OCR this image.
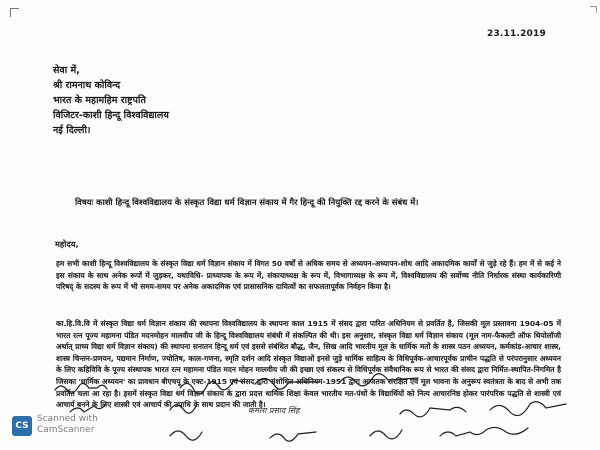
23.11.2019
सेवा में,
श्री रामनाथ कोविन्द
भारत के महामहिम राष्ट्रपति
विजिटर-काशी हिन्दू विश्वविद्यालय
नई दिल्ली।
विषयः काशी हिन्दू विश्वविद्यालय के संस्कृत विद्या धर्म विज्ञान संकाय में गैर हिन्दू की नियुक्ति रद्द करने के संबंध में।
महोदय,
हम सभी काशी हिन्दू विश्वविद्यालय के संस्कृत विद्या धर्म विज्ञान संकाय में विगत 50 वर्षों से अधिक समय से अध्ययन-अध्यापन-शोध आदि अकादमिक कार्यों से जुड़े रहे हैं। हम में से कई ने इस संकाय के साथ अनेक रूपों में जुड़कर, यथाविधि- प्राध्यापक के रूप में, संकायाध्यक्ष के रूप में, विभागाध्यक्ष के रूप में, विश्वविद्यालय की सर्वोच्च नीति निर्धारक संस्था कार्यकारिणी परिषद् के सदस्य के रूप में भी समय-समय पर अनेक अकादमिक एवं प्रासासनिक दायित्वों का सफलतापूर्वक निर्वहन किया है।
का.हि.वि.वि में संस्कृत विद्या धर्म विज्ञान संकाय की स्थापना विश्वविद्यालय के स्थापना काल 1915 में संसद द्वारा पारित अधिनियम से प्रवर्तित है, जिसकी मूल प्रस्तावना 1904-05 में भारत रत्न पूज्य महामना पंडित मदनमोहन मालवीय जी के हिन्दू विश्वविद्यालय संबंधी में संकल्पित की थी। इस अनुसार, संस्कृत विद्या धर्म विज्ञान संकाय (मूल नाम-फैकल्टी ऑफ थियोलॉजी अर्थात् प्राच्य विद्या धर्म विज्ञान संकाय) की स्थापना सनातन हिन्दू धर्म एवं इससे संबंधित बौद्ध, जैन, सिख आदि भारतीय मूल के धार्मिक मतों के शास्त्र पठन अध्ययन, कर्मकांड-आचार शास्त्र, शास्त्र चिन्तन-प्रणयन, पद्यमान निर्माण, ज्योतिष, काल-गणना, स्मृति दर्शन आदि संस्कृत विद्याओं इनसे जुड़े धार्मिक साहित्य के विधिपूर्वक-आचारपूर्वक प्राचीन पद्धति से परंपरानुसार अध्ययन के लिए कहिविवि के पूज्य संस्थापक भारत रत्न महामना पंडित मदन मोहन मालवीय जी की इच्छा एवं संकल्प से विधिपूर्वक संवैधानिक रूप से भारत की संसद द्वारा निर्मित-स्थापित-निगमित है जिसका 'धार्मिक अध्ययन' का प्रावधान बीएचयू के एक्ट-1915 एवं संसद द्वारा संशोधित अधिनियम-1951 द्वारा आजतक संरक्षित एवं मूल भावना के अनुरूप स्वतंत्रता के बाद से अभी तक प्रवर्तित चला आ रहा है। इसमें संस्कृत विद्या धर्म विज्ञान संकाय के द्वारा प्रदत्त धार्मिक शिक्षा केवल भारतीय मत-पंथों के विद्यार्थियों को नित्य आचारनिष्ठ होकर पारंपरिक पद्धति से शास्त्री एवं आचार्य बनने के लिए शास्त्री एवं आचार्य की उपाधि के साथ प्रदान की जाती है।
कमला प्रसाद सिंह
CS
Scanned with
CamScanner
